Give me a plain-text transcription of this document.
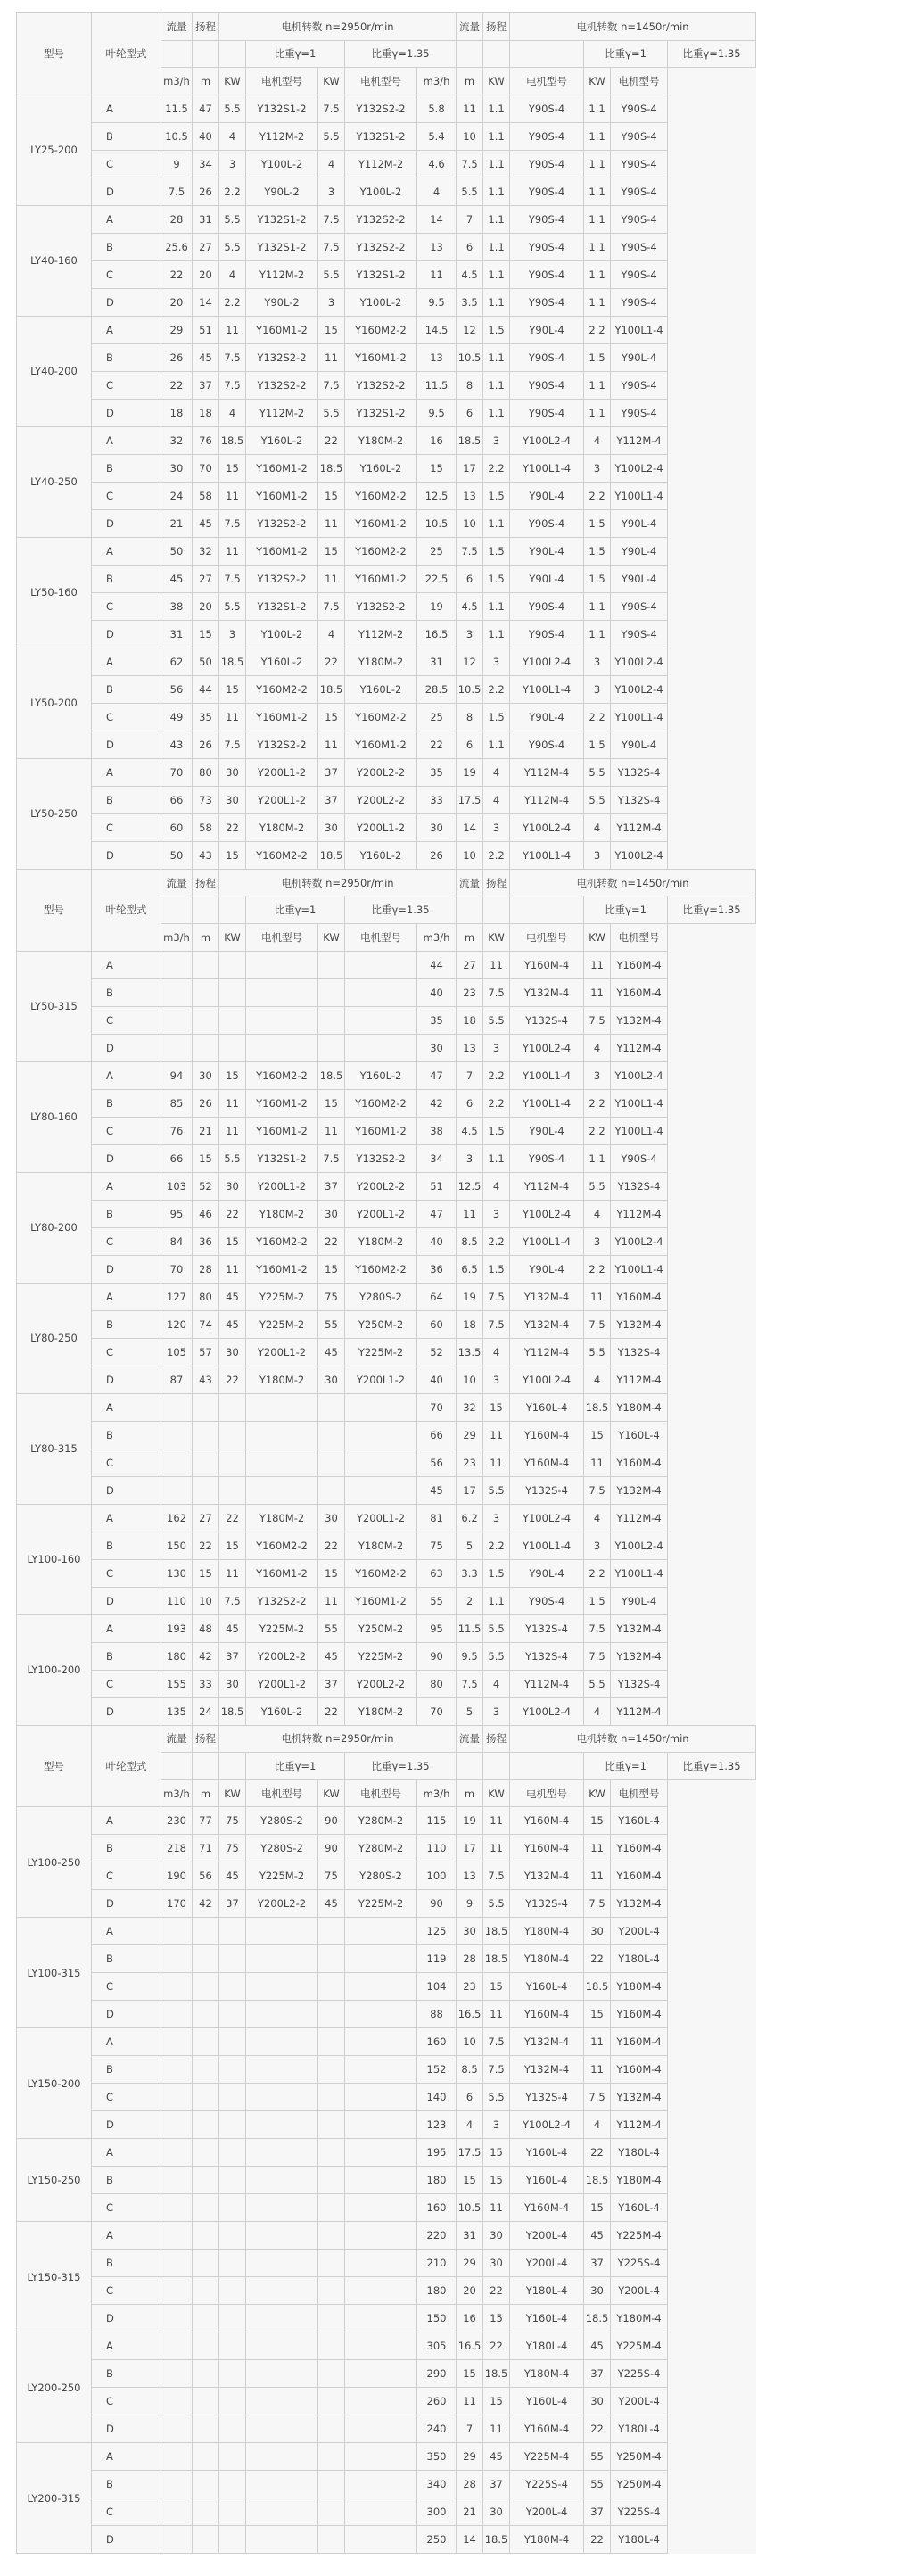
型号	叶轮型式	流量	扬程	电机转数 n=2950r/min					流量	扬程	电机转数 n=1450r/min			
					比重γ=1		比重γ=1.35					比重γ=1		比重γ=1.35
		m3/h	m	KW	电机型号	KW	电机型号	m3/h	m	KW	电机型号	KW	电机型号	
LY25-200	A	11.5	47	5.5	Y132S1-2	7.5	Y132S2-2	5.8	11	1.1	Y90S-4	1.1	Y90S-4	
	B	10.5	40	4	Y112M-2	5.5	Y132S1-2	5.4	10	1.1	Y90S-4	1.1	Y90S-4	
	C	9	34	3	Y100L-2	4	Y112M-2	4.6	7.5	1.1	Y90S-4	1.1	Y90S-4	
	D	7.5	26	2.2	Y90L-2	3	Y100L-2	4	5.5	1.1	Y90S-4	1.1	Y90S-4	
LY40-160	A	28	31	5.5	Y132S1-2	7.5	Y132S2-2	14	7	1.1	Y90S-4	1.1	Y90S-4	
	B	25.6	27	5.5	Y132S1-2	7.5	Y132S2-2	13	6	1.1	Y90S-4	1.1	Y90S-4	
	C	22	20	4	Y112M-2	5.5	Y132S1-2	11	4.5	1.1	Y90S-4	1.1	Y90S-4	
	D	20	14	2.2	Y90L-2	3	Y100L-2	9.5	3.5	1.1	Y90S-4	1.1	Y90S-4	
LY40-200	A	29	51	11	Y160M1-2	15	Y160M2-2	14.5	12	1.5	Y90L-4	2.2	Y100L1-4	
	B	26	45	7.5	Y132S2-2	11	Y160M1-2	13	10.5	1.1	Y90S-4	1.5	Y90L-4	
	C	22	37	7.5	Y132S2-2	7.5	Y132S2-2	11.5	8	1.1	Y90S-4	1.1	Y90S-4	
	D	18	18	4	Y112M-2	5.5	Y132S1-2	9.5	6	1.1	Y90S-4	1.1	Y90S-4	
LY40-250	A	32	76	18.5	Y160L-2	22	Y180M-2	16	18.5	3	Y100L2-4	4	Y112M-4	
	B	30	70	15	Y160M1-2	18.5	Y160L-2	15	17	2.2	Y100L1-4	3	Y100L2-4	
	C	24	58	11	Y160M1-2	15	Y160M2-2	12.5	13	1.5	Y90L-4	2.2	Y100L1-4	
	D	21	45	7.5	Y132S2-2	11	Y160M1-2	10.5	10	1.1	Y90S-4	1.5	Y90L-4	
LY50-160	A	50	32	11	Y160M1-2	15	Y160M2-2	25	7.5	1.5	Y90L-4	1.5	Y90L-4	
	B	45	27	7.5	Y132S2-2	11	Y160M1-2	22.5	6	1.5	Y90L-4	1.5	Y90L-4	
	C	38	20	5.5	Y132S1-2	7.5	Y132S2-2	19	4.5	1.1	Y90S-4	1.1	Y90S-4	
	D	31	15	3	Y100L-2	4	Y112M-2	16.5	3	1.1	Y90S-4	1.1	Y90S-4	
LY50-200	A	62	50	18.5	Y160L-2	22	Y180M-2	31	12	3	Y100L2-4	3	Y100L2-4	
	B	56	44	15	Y160M2-2	18.5	Y160L-2	28.5	10.5	2.2	Y100L1-4	3	Y100L2-4	
	C	49	35	11	Y160M1-2	15	Y160M2-2	25	8	1.5	Y90L-4	2.2	Y100L1-4	
	D	43	26	7.5	Y132S2-2	11	Y160M1-2	22	6	1.1	Y90S-4	1.5	Y90L-4	
LY50-250	A	70	80	30	Y200L1-2	37	Y200L2-2	35	19	4	Y112M-4	5.5	Y132S-4	
	B	66	73	30	Y200L1-2	37	Y200L2-2	33	17.5	4	Y112M-4	5.5	Y132S-4	
	C	60	58	22	Y180M-2	30	Y200L1-2	30	14	3	Y100L2-4	4	Y112M-4	
	D	50	43	15	Y160M2-2	18.5	Y160L-2	26	10	2.2	Y100L1-4	3	Y100L2-4	
型号	叶轮型式	流量	扬程	电机转数 n=2950r/min					流量	扬程	电机转数 n=1450r/min			
					比重γ=1		比重γ=1.35					比重γ=1		比重γ=1.35
		m3/h	m	KW	电机型号	KW	电机型号	m3/h	m	KW	电机型号	KW	电机型号	
LY50-315	A							44	27	11	Y160M-4	11	Y160M-4	
	B							40	23	7.5	Y132M-4	11	Y160M-4	
	C							35	18	5.5	Y132S-4	7.5	Y132M-4	
	D							30	13	3	Y100L2-4	4	Y112M-4	
LY80-160	A	94	30	15	Y160M2-2	18.5	Y160L-2	47	7	2.2	Y100L1-4	3	Y100L2-4	
	B	85	26	11	Y160M1-2	15	Y160M2-2	42	6	2.2	Y100L1-4	2.2	Y100L1-4	
	C	76	21	11	Y160M1-2	11	Y160M1-2	38	4.5	1.5	Y90L-4	2.2	Y100L1-4	
	D	66	15	5.5	Y132S1-2	7.5	Y132S2-2	34	3	1.1	Y90S-4	1.1	Y90S-4	
LY80-200	A	103	52	30	Y200L1-2	37	Y200L2-2	51	12.5	4	Y112M-4	5.5	Y132S-4	
	B	95	46	22	Y180M-2	30	Y200L1-2	47	11	3	Y100L2-4	4	Y112M-4	
	C	84	36	15	Y160M2-2	22	Y180M-2	40	8.5	2.2	Y100L1-4	3	Y100L2-4	
	D	70	28	11	Y160M1-2	15	Y160M2-2	36	6.5	1.5	Y90L-4	2.2	Y100L1-4	
LY80-250	A	127	80	45	Y225M-2	75	Y280S-2	64	19	7.5	Y132M-4	11	Y160M-4	
	B	120	74	45	Y225M-2	55	Y250M-2	60	18	7.5	Y132M-4	7.5	Y132M-4	
	C	105	57	30	Y200L1-2	45	Y225M-2	52	13.5	4	Y112M-4	5.5	Y132S-4	
	D	87	43	22	Y180M-2	30	Y200L1-2	40	10	3	Y100L2-4	4	Y112M-4	
LY80-315	A							70	32	15	Y160L-4	18.5	Y180M-4	
	B							66	29	11	Y160M-4	15	Y160L-4	
	C							56	23	11	Y160M-4	11	Y160M-4	
	D							45	17	5.5	Y132S-4	7.5	Y132M-4	
LY100-160	A	162	27	22	Y180M-2	30	Y200L1-2	81	6.2	3	Y100L2-4	4	Y112M-4	
	B	150	22	15	Y160M2-2	22	Y180M-2	75	5	2.2	Y100L1-4	3	Y100L2-4	
	C	130	15	11	Y160M1-2	15	Y160M2-2	63	3.3	1.5	Y90L-4	2.2	Y100L1-4	
	D	110	10	7.5	Y132S2-2	11	Y160M1-2	55	2	1.1	Y90S-4	1.5	Y90L-4	
LY100-200	A	193	48	45	Y225M-2	55	Y250M-2	95	11.5	5.5	Y132S-4	7.5	Y132M-4	
	B	180	42	37	Y200L2-2	45	Y225M-2	90	9.5	5.5	Y132S-4	7.5	Y132M-4	
	C	155	33	30	Y200L1-2	37	Y200L2-2	80	7.5	4	Y112M-4	5.5	Y132S-4	
	D	135	24	18.5	Y160L-2	22	Y180M-2	70	5	3	Y100L2-4	4	Y112M-4	
型号	叶轮型式	流量	扬程	电机转数 n=2950r/min					流量	扬程	电机转数 n=1450r/min			
					比重γ=1		比重γ=1.35					比重γ=1		比重γ=1.35
		m3/h	m	KW	电机型号	KW	电机型号	m3/h	m	KW	电机型号	KW	电机型号	
LY100-250	A	230	77	75	Y280S-2	90	Y280M-2	115	19	11	Y160M-4	15	Y160L-4	
	B	218	71	75	Y280S-2	90	Y280M-2	110	17	11	Y160M-4	11	Y160M-4	
	C	190	56	45	Y225M-2	75	Y280S-2	100	13	7.5	Y132M-4	11	Y160M-4	
	D	170	42	37	Y200L2-2	45	Y225M-2	90	9	5.5	Y132S-4	7.5	Y132M-4	
LY100-315	A							125	30	18.5	Y180M-4	30	Y200L-4	
	B							119	28	18.5	Y180M-4	22	Y180L-4	
	C							104	23	15	Y160L-4	18.5	Y180M-4	
	D							88	16.5	11	Y160M-4	15	Y160M-4	
LY150-200	A							160	10	7.5	Y132M-4	11	Y160M-4	
	B							152	8.5	7.5	Y132M-4	11	Y160M-4	
	C							140	6	5.5	Y132S-4	7.5	Y132M-4	
	D							123	4	3	Y100L2-4	4	Y112M-4	
LY150-250	A							195	17.5	15	Y160L-4	22	Y180L-4	
	B							180	15	15	Y160L-4	18.5	Y180M-4	
	C							160	10.5	11	Y160M-4	15	Y160L-4	
LY150-315	A							220	31	30	Y200L-4	45	Y225M-4	
	B							210	29	30	Y200L-4	37	Y225S-4	
	C							180	20	22	Y180L-4	30	Y200L-4	
	D							150	16	15	Y160L-4	18.5	Y180M-4	
LY200-250	A							305	16.5	22	Y180L-4	45	Y225M-4	
	B							290	15	18.5	Y180M-4	37	Y225S-4	
	C							260	11	15	Y160L-4	30	Y200L-4	
	D							240	7	11	Y160M-4	22	Y180L-4	
LY200-315	A							350	29	45	Y225M-4	55	Y250M-4	
	B							340	28	37	Y225S-4	55	Y250M-4	
	C							300	21	30	Y200L-4	37	Y225S-4	
	D							250	14	18.5	Y180M-4	22	Y180L-4	
